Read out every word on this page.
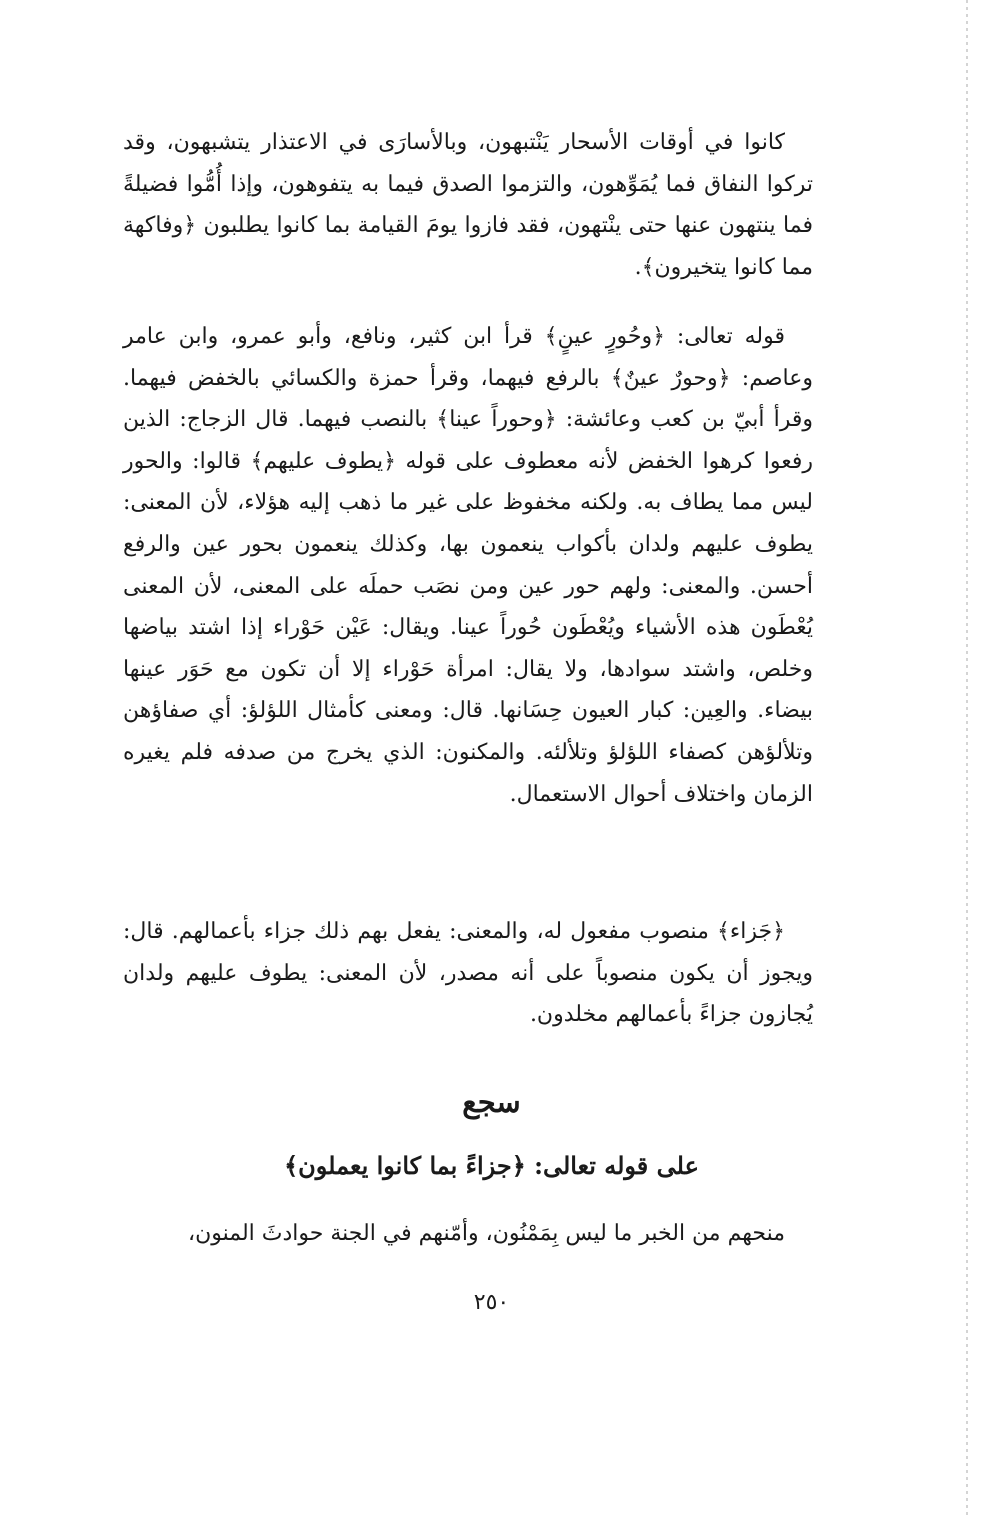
كانوا في أوقات الأسحار يَنْتبهون، وبالأسارَى في الاعتذار يتشبهون، وقد تركوا النفاق فما يُمَوِّهون، والتزموا الصدق فيما به يتفوهون، وإذا أُمُّوا فضيلةً فما ينتهون عنها حتى ينْتهون، فقد فازوا يومَ القيامة بما كانوا يطلبون ﴿وفاكهة مما كانوا يتخيرون﴾.

قوله تعالى: ﴿وحُورٍ عينٍ﴾ قرأ ابن كثير، ونافع، وأبو عمرو، وابن عامر وعاصم: ﴿وحورٌ عينٌ﴾ بالرفع فيهما، وقرأ حمزة والكسائي بالخفض فيهما. وقرأ أبيّ بن كعب وعائشة: ﴿وحوراً عينا﴾ بالنصب فيهما. قال الزجاج: الذين رفعوا كرهوا الخفض لأنه معطوف على قوله ﴿يطوف عليهم﴾ قالوا: والحور ليس مما يطاف به. ولكنه مخفوظ على غير ما ذهب إليه هؤلاء، لأن المعنى: يطوف عليهم ولدان بأكواب ينعمون بها، وكذلك ينعمون بحور عين والرفع أحسن. والمعنى: ولهم حور عين ومن نصَب حملَه على المعنى، لأن المعنى يُعْطَون هذه الأشياء ويُعْطَون حُوراً عينا. ويقال: عَيْن حَوْراء إذا اشتد بياضها وخلص، واشتد سوادها، ولا يقال: امرأة حَوْراء إلا أن تكون مع حَوَر عينها بيضاء. والعِين: كبار العيون حِسَانها. قال: ومعنى كأمثال اللؤلؤ: أي صفاؤهن وتلألؤهن كصفاء اللؤلؤ وتلألئه. والمكنون: الذي يخرج من صدفه فلم يغيره الزمان واختلاف أحوال الاستعمال.

﴿جَزاء﴾ منصوب مفعول له، والمعنى: يفعل بهم ذلك جزاء بأعمالهم. قال: ويجوز أن يكون منصوباً على أنه مصدر، لأن المعنى: يطوف عليهم ولدان يُجازون جزاءً بأعمالهم مخلدون.

سجع
على قوله تعالى: ﴿جزاءً بما كانوا يعملون﴾

منحهم من الخبر ما ليس بِمَمْنُون، وأمّنهم في الجنة حوادثَ المنون،

٢٥٠
